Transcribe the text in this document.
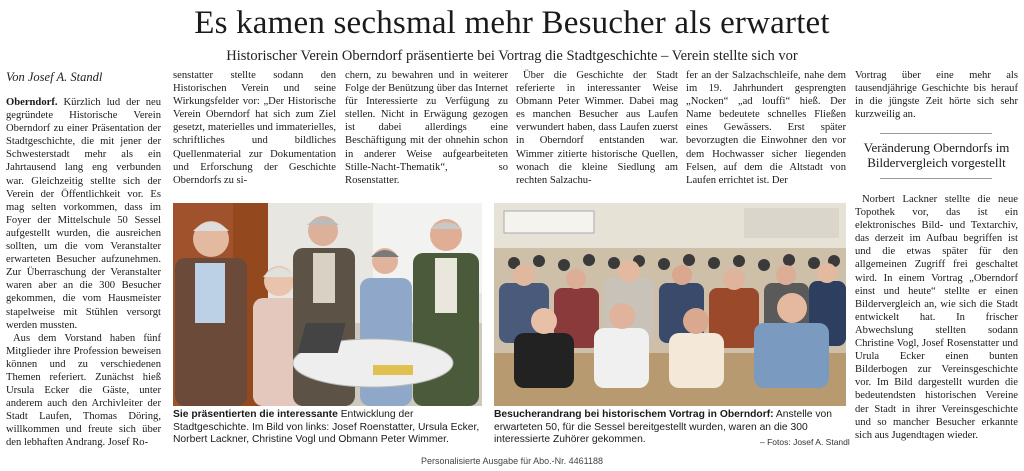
Es kamen sechsmal mehr Besucher als erwartet
Historischer Verein Oberndorf präsentierte bei Vortrag die Stadtgeschichte – Verein stellte sich vor
Von Josef A. Standl

Oberndorf. Kürzlich lud der neu gegründete Historische Verein Oberndorf zu einer Präsentation der Stadtgeschichte, die mit jener der Schwesterstadt mehr als ein Jahrtausend lang eng verbunden war. Gleichzeitig stellte sich der Verein der Öffentlichkeit vor. Es mag selten vorkommen, dass im Foyer der Mittelschule 50 Sessel aufgestellt wurden, die ausreichen sollten, um die vom Veranstalter erwarteten Besucher aufzunehmen. Zur Überraschung der Veranstalter waren aber an die 300 Besucher gekommen, die vom Hausmeister stapelweise mit Stühlen versorgt werden mussten.

Aus dem Vorstand haben fünf Mitglieder ihre Profession beweisen können und zu verschiedenen Themen referiert. Zunächst hieß Ursula Ecker die Gäste, unter anderem auch den Archivleiter der Stadt Laufen, Thomas Döring, willkommen und freute sich über den lebhaften Andrang. Josef Ro-

senstatter stellte sodann den Historischen Verein und seine Wirkungsfelder vor: „Der Historische Verein Oberndorf hat sich zum Ziel gesetzt, materielles und immaterielles, schriftliches und bildliches Quellenmaterial zur Dokumentation und Erforschung der Geschichte Oberndorfs zu si-

chern, zu bewahren und in weiterer Folge der Benützung über das Internet für Interessierte zu Verfügung zu stellen. Nicht in Erwägung gezogen ist dabei allerdings eine Beschäftigung mit der ohnehin schon in anderer Weise aufgearbeiteten Stille-Nacht-Thematik“, so Rosenstatter.

Über die Geschichte der Stadt referierte in interessanter Weise Obmann Peter Wimmer. Dabei mag es manchen Besucher aus Laufen verwundert haben, dass Laufen zuerst in Oberndorf entstanden war. Wimmer zitierte historische Quellen, wonach die kleine Siedlung am rechten Salzachu-

fer an der Salzachschleife, nahe dem im 19. Jahrhundert gesprengten „Nocken“ „ad louffi“ hieß. Der Name bedeutete schnelles Fließen eines Gewässers. Erst später bevorzugten die Einwohner den vor dem Hochwasser sicher liegenden Felsen, auf dem die Altstadt von Laufen errichtet ist. Der

Vortrag über eine mehr als tausendjährige Geschichte bis herauf in die jüngste Zeit hörte sich sehr kurzweilig an.

Veränderung Oberndorfs im Bildervergleich vorgestellt

Norbert Lackner stellte die neue Topothek vor, das ist ein elektronisches Bild- und Textarchiv, das derzeit im Aufbau begriffen ist und die etwas später für den allgemeinen Zugriff frei geschaltet wird. In einem Vortrag „Oberndorf einst und heute“ stellte er einen Bildervergleich an, wie sich die Stadt entwickelt hat. In frischer Abwechslung stellten sodann Christine Vogl, Josef Rosenstatter und Urula Ecker einen bunten Bilderbogen zur Vereinsgeschichte vor. Im Bild dargestellt wurden die bedeutendsten historischen Vereine der Stadt in ihrer Vereinsgeschichte und so mancher Besucher erkannte sich aus Jugendtagen wieder.

Sie präsentierten die interessante Entwicklung der Stadtgeschichte. Im Bild von links: Josef Roenstatter, Ursula Ecker, Norbert Lackner, Christine Vogl und Obmann Peter Wimmer.
Besucherandrang bei historischem Vortrag in Oberndorf: Anstelle von erwarteten 50, für die Sessel bereitgestellt wurden, waren an die 300 interessierte Zuhörer gekommen.	– Fotos: Josef A. Standl
Personalisierte Ausgabe für Abo.-Nr. 4461188
